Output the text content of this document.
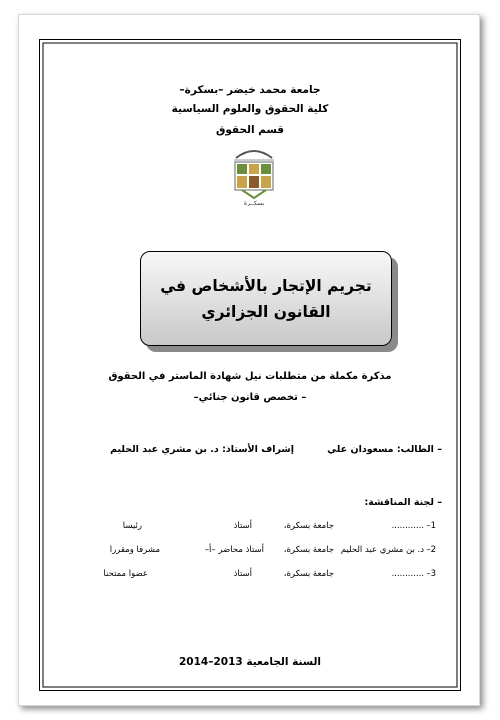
جامعة محمد خيضر –بسكرة–
كلية الحقوق والعلوم السياسية
قسم الحقوق
بسكــرة
تجريم الإتجار بالأشخاص في
القانون الجزائري
مذكرة مكملة من متطلبات نيل شهادة الماستر في الحقوق
– تخصص قانون جنائي–
– الطالب: مسعودان علي
إشراف الأستاذ: د. بن مشري عبد الحليم
– لجنة المناقشة:
1–
............
جامعة بسكرة،
أستاذ
رئيسا
2–
د. بن مشري عبد الحليم
جامعة بسكرة،
أستاذ محاضر –أ–
مشرفا ومقررا
3–
............
جامعة بسكرة،
أستاذ
عضوا ممتحنا
السنة الجامعية 2013–2014
